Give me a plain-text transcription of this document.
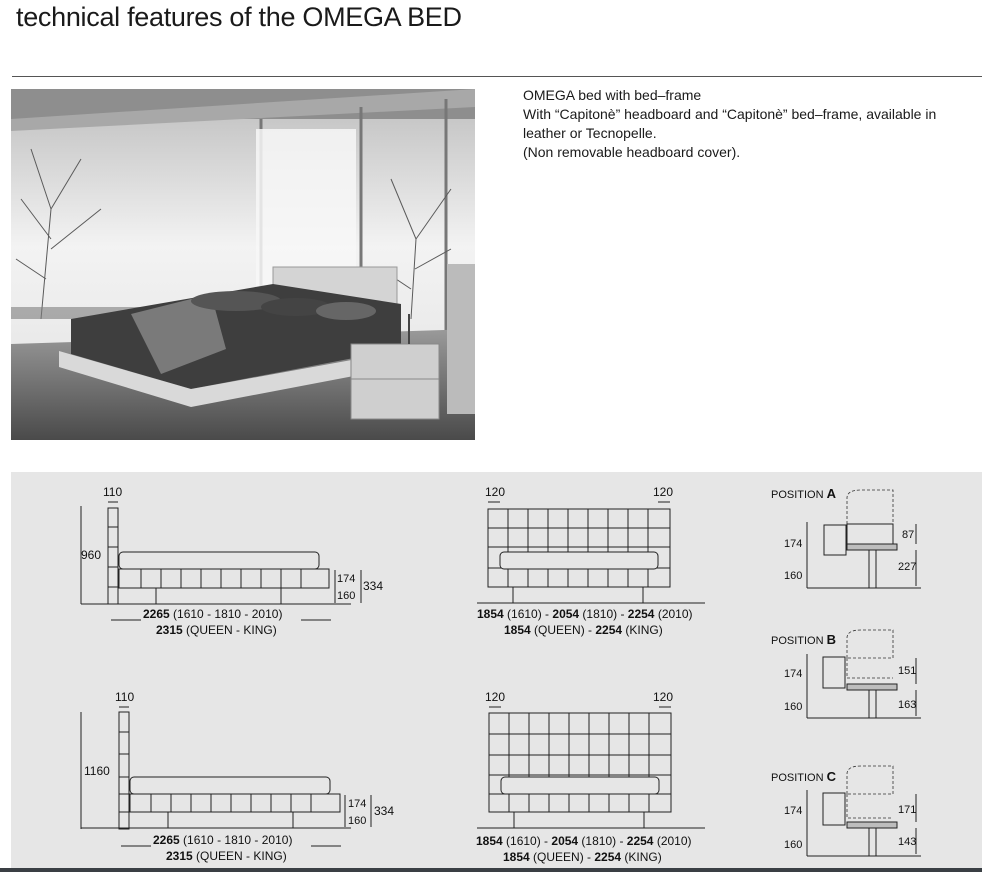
technical features of the OMEGA BED
OMEGA bed with bed–frame
With “Capitonè” headboard and “Capitonè” bed–frame, available in
leather or Tecnopelle.
(Non removable headboard cover).
110
960
174
160
334
2265 (1610 - 1810 - 2010)
2315 (QUEEN - KING)
120	120
1854 (1610) - 2054 (1810) - 2254 (2010)
1854 (QUEEN) - 2254 (KING)
110
1160
174
160
334
2265 (1610 - 1810 - 2010)
2315 (QUEEN - KING)
120	120
1854 (1610) - 2054 (1810) - 2254 (2010)
1854 (QUEEN) - 2254 (KING)
POSITION A
174
160
87
227
POSITION B
174
160
151
163
POSITION C
174
160
171
143
